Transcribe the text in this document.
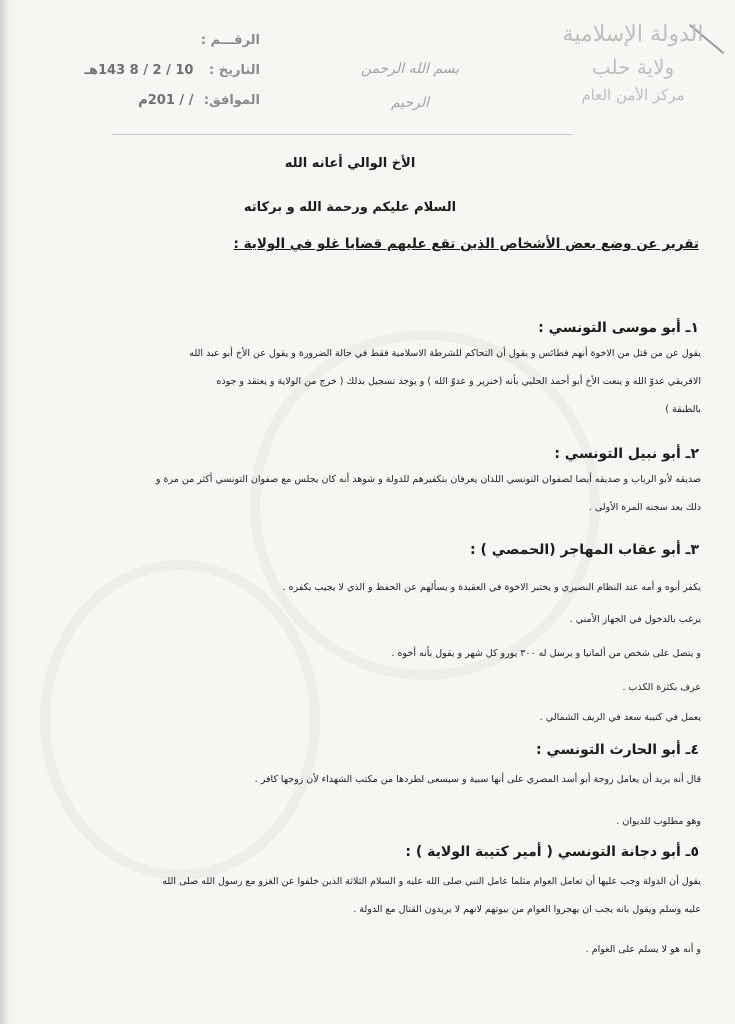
الرقـــم :
التاريخ : 10 / 2 / 8 143هـ
الموافق: / / 201م
بسم الله الرحمن الرحيم
الدولة الإسلامية
ولاية حلب
مركز الأمن العام
الأخ الوالي أعانه الله
السلام عليكم ورحمة الله و بركاته
تقرير عن وضع بعض الأشخاص الذين تقع عليهم قضايا غلو في الولاية :
١ـ أبو موسى التونسي :

يقول عن من قتل من الاخوة أنهم فطائس و يقول أن التحاكم للشرطة الاسلامية فقط في حالة الضرورة و يقول عن الأخ أبو عبد الله

الافريقي عدوّ الله و ينعت الأخ أبو أحمد الحلبي بأنه (خنزير و عدوّ الله ) و يوجد تسجيل بذلك ( خرج من الولاية و يعتقد و جوده

بالطبقة )

٢ـ أبو نبيل التونسي :

صديقه لأبو الرباب و صديقه أيضا لصفوان التونسي اللذان يعرفان بتكفيرهم للدولة و شوهد أنه كان يجلس مع صفوان التونسي أكثر من مرة و

ذلك بعد سجنه المرة الأولى .

٣ـ أبو عقاب المهاجر (الحمصي ) :
يكفر أبوه و أمه عند النظام النصيري و يختبر الاخوة في العقيدة و يسألهم عن الحفظ و الذي لا يجيب يكفره .
يرغب بالدخول في الجهاز الأمني .
و يتصل على شخص من ألمانيا و يرسل له ٣٠٠ يورو كل شهر و يقول بأنه أخوه .
عرف بكثرة الكذب .
يعمل في كتيبة سعد في الريف الشمالي .
٤ـ أبو الحارث التونسي :
قال أنه يريد أن يعامل زوجة أبو أسد المصري على أنها سبية و سيسعى لطردها من مكتب الشهداء لأن زوجها كافر .
وهو مطلوب للديوان .
٥ـ أبو دجانة التونسي ( أمير كتيبة الولاية ) :

يقول أن الدولة وجب عليها أن تعامل العوام مثلما عامل النبي صلى الله عليه و السلام الثلاثة الذين خلفوا عن الغزو مع رسول الله صلى الله

عليه وسلم ويقول بانه يجب ان يهجروا العوام من بيوتهم لانهم لا يريدون القتال مع الدولة .

و أنه هو لا يسلم على العوام .
